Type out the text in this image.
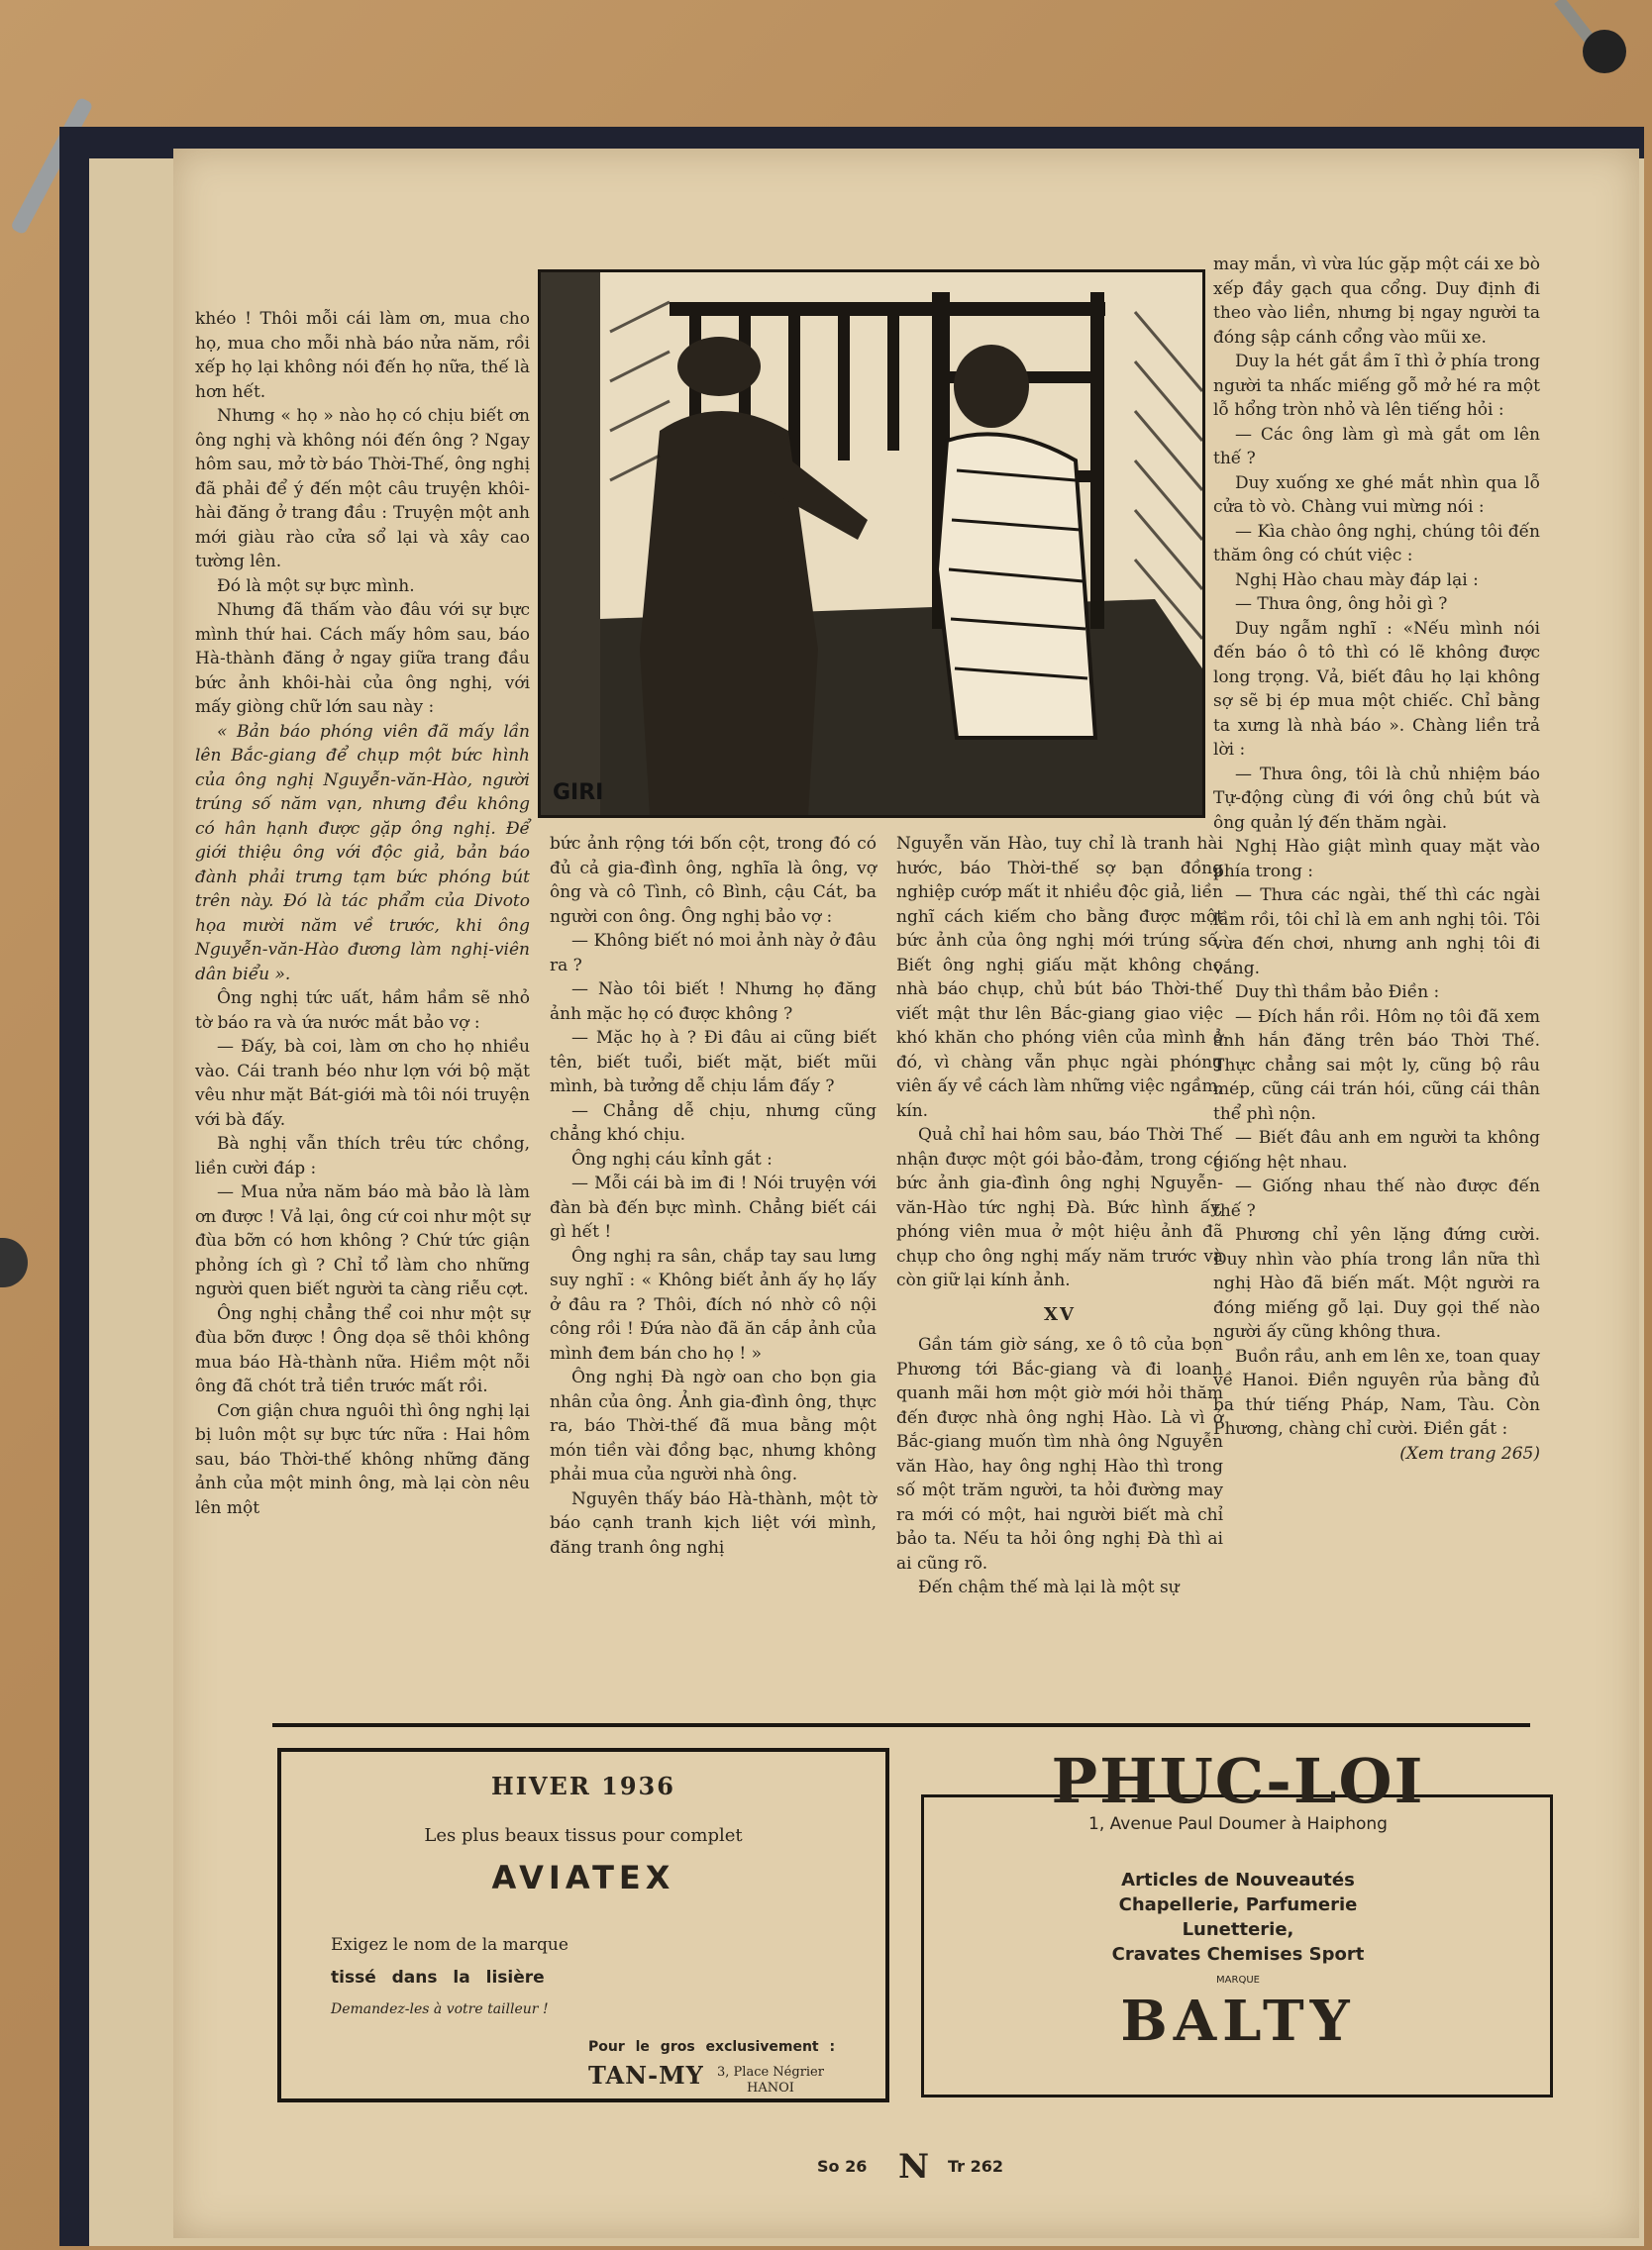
khéo ! Thôi mỗi cái làm ơn, mua cho họ, mua cho mỗi nhà báo nửa năm, rồi xếp họ lại không nói đến họ nữa, thế là hơn hết.

Nhưng « họ » nào họ có chịu biết ơn ông nghị và không nói đến ông ? Ngay hôm sau, mở tờ báo Thời-Thế, ông nghị đã phải để ý đến một câu truyện khôi-hài đăng ở trang đầu : Truyện một anh mới giàu rào cửa sổ lại và xây cao tường lên.

Đó là một sự bực mình.

Nhưng đã thấm vào đâu với sự bực mình thứ hai. Cách mấy hôm sau, báo Hà-thành đăng ở ngay giữa trang đầu bức ảnh khôi-hài của ông nghị, với mấy giòng chữ lớn sau này :

« Bản báo phóng viên đã mấy lần lên Bắc-giang để chụp một bức hình của ông nghị Nguyễn-văn-Hào, người trúng số năm vạn, nhưng đều không có hân hạnh được gặp ông nghị. Để giới thiệu ông với độc giả, bản báo đành phải trưng tạm bức phóng bút trên này. Đó là tác phẩm của Divoto họa mười năm về trước, khi ông Nguyễn-văn-Hào đương làm nghị-viên dân biểu ».

Ông nghị tức uất, hầm hầm sẽ nhỏ tờ báo ra và ứa nước mắt bảo vợ :

— Đấy, bà coi, làm ơn cho họ nhiều vào. Cái tranh béo như lợn với bộ mặt vêu như mặt Bát-giới mà tôi nói truyện với bà đấy.

Bà nghị vẫn thích trêu tức chồng, liền cười đáp :

— Mua nửa năm báo mà bảo là làm ơn được ! Vả lại, ông cứ coi như một sự đùa bỡn có hơn không ? Chứ tức giận phỏng ích gì ? Chỉ tổ làm cho những người quen biết người ta càng riễu cợt.

Ông nghị chẳng thể coi như một sự đùa bỡn được ! Ông dọa sẽ thôi không mua báo Hà-thành nữa. Hiềm một nỗi ông đã chót trả tiền trước mất rồi.

Cơn giận chưa nguôi thì ông nghị lại bị luôn một sự bực tức nữa : Hai hôm sau, báo Thời-thế không những đăng ảnh của một minh ông, mà lại còn nêu lên một

GIRI

bức ảnh rộng tới bốn cột, trong đó có đủ cả gia-đình ông, nghĩa là ông, vợ ông và cô Tình, cô Bình, cậu Cát, ba người con ông. Ông nghị bảo vợ :

— Không biết nó moi ảnh này ở đâu ra ?

— Nào tôi biết ! Nhưng họ đăng ảnh mặc họ có được không ?

— Mặc họ à ? Đi đâu ai cũng biết tên, biết tuổi, biết mặt, biết mũi mình, bà tưởng dễ chịu lắm đấy ?

— Chẳng dễ chịu, nhưng cũng chẳng khó chịu.

Ông nghị cáu kỉnh gắt :

— Mỗi cái bà im đi ! Nói truyện với đàn bà đến bực mình. Chẳng biết cái gì hết !

Ông nghị ra sân, chắp tay sau lưng suy nghĩ : « Không biết ảnh ấy họ lấy ở đâu ra ? Thôi, đích nó nhờ cô nội công rồi ! Đứa nào đã ăn cắp ảnh của mình đem bán cho họ ! »

Ông nghị Đà ngờ oan cho bọn gia nhân của ông. Ảnh gia-đình ông, thực ra, báo Thời-thế đã mua bằng một món tiền vài đồng bạc, nhưng không phải mua của người nhà ông.

Nguyên thấy báo Hà-thành, một tờ báo cạnh tranh kịch liệt với mình, đăng tranh ông nghị

Nguyễn văn Hào, tuy chỉ là tranh hài hước, báo Thời-thế sợ bạn đồng nghiệp cướp mất it nhiều độc giả, liền nghĩ cách kiếm cho bằng được một bức ảnh của ông nghị mới trúng số. Biết ông nghị giấu mặt không cho nhà báo chụp, chủ bút báo Thời-thế viết mật thư lên Bắc-giang giao việc khó khăn cho phóng viên của mình ở đó, vì chàng vẫn phục ngài phóng viên ấy về cách làm những việc ngầm, kín.

Quả chỉ hai hôm sau, báo Thời Thế nhận được một gói bảo-đảm, trong có bức ảnh gia-đình ông nghị Nguyễn-văn-Hào tức nghị Đà. Bức hình ấy, phóng viên mua ở một hiệu ảnh đã chụp cho ông nghị mấy năm trước và còn giữ lại kính ảnh.

XV

Gần tám giờ sáng, xe ô tô của bọn Phương tới Bắc-giang và đi loanh quanh mãi hơn một giờ mới hỏi thăm đến được nhà ông nghị Hào. Là vì ở Bắc-giang muốn tìm nhà ông Nguyễn văn Hào, hay ông nghị Hào thì trong số một trăm người, ta hỏi đường may ra mới có một, hai người biết mà chỉ bảo ta. Nếu ta hỏi ông nghị Đà thì ai ai cũng rõ.

Đến chậm thế mà lại là một sự

may mắn, vì vừa lúc gặp một cái xe bò xếp đầy gạch qua cổng. Duy định đi theo vào liền, nhưng bị ngay người ta đóng sập cánh cổng vào mũi xe.

Duy la hét gắt ầm ĩ thì ở phía trong người ta nhấc miếng gỗ mở hé ra một lỗ hổng tròn nhỏ và lên tiếng hỏi :

— Các ông làm gì mà gắt om lên thế ?

Duy xuống xe ghé mắt nhìn qua lỗ cửa tò vò. Chàng vui mừng nói :

— Kìa chào ông nghị, chúng tôi đến thăm ông có chút việc :

Nghị Hào chau mày đáp lại :

— Thưa ông, ông hỏi gì ?

Duy ngẫm nghĩ : «Nếu mình nói đến báo ô tô thì có lẽ không được long trọng. Vả, biết đâu họ lại không sợ sẽ bị ép mua một chiếc. Chỉ bằng ta xưng là nhà báo ». Chàng liền trả lời :

— Thưa ông, tôi là chủ nhiệm báo Tự-động cùng đi với ông chủ bút và ông quản lý đến thăm ngài.

Nghị Hào giật mình quay mặt vào phía trong :

— Thưa các ngài, thế thì các ngài lầm rồi, tôi chỉ là em anh nghị tôi. Tôi vừa đến chơi, nhưng anh nghị tôi đi vắng.

Duy thì thầm bảo Điền :

— Đích hắn rồi. Hôm nọ tôi đã xem ảnh hắn đăng trên báo Thời Thế. Thực chẳng sai một ly, cũng bộ râu mép, cũng cái trán hói, cũng cái thân thể phì nộn.

— Biết đâu anh em người ta không giống hệt nhau.

— Giống nhau thế nào được đến thế ?

Phương chỉ yên lặng đứng cười. Duy nhìn vào phía trong lần nữa thì nghị Hào đã biến mất. Một người ra đóng miếng gỗ lại. Duy gọi thế nào người ấy cũng không thưa.

Buồn rầu, anh em lên xe, toan quay về Hanoi. Điền nguyên rủa bằng đủ ba thứ tiếng Pháp, Nam, Tàu. Còn Phương, chàng chỉ cười. Điền gắt :

(Xem trang 265)

HIVER 1936
Les plus beaux tissus pour complet
AVIATEX
Exigez le nom de la marque
tissé dans la lisière
Demandez-les à votre tailleur !
Pour le gros exclusivement :
TAN-MY 3, Place Négrier
HANOI
PHUC-LOI
1, Avenue Paul Doumer à Haiphong
Articles de Nouveautés
Chapellerie, Parfumerie
Lunetterie,
Cravates Chemises Sport
MARQUE
BALTY
So 26 N Tr 262
